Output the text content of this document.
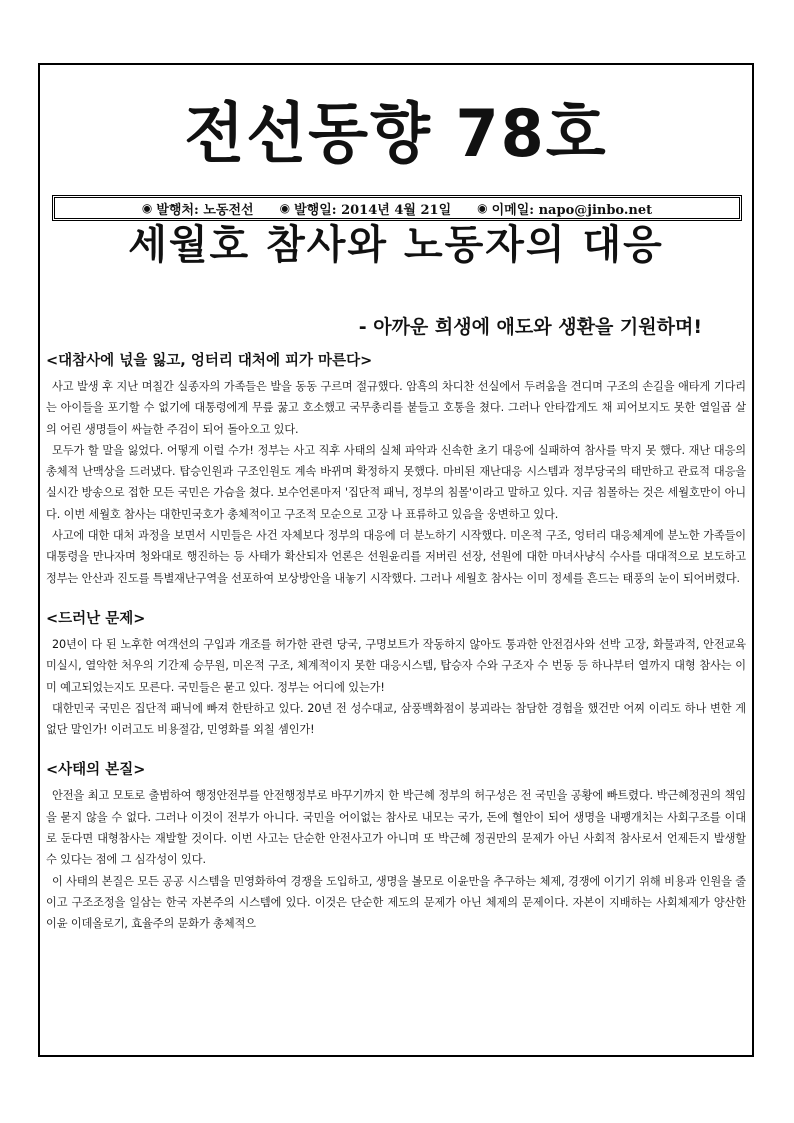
전선동향 78호
◉ 발행처: 노동전선 ◉ 발행일: 2014년 4월 21일 ◉ 이메일: napo@jinbo.net
세월호 참사와 노동자의 대응
- 아까운 희생에 애도와 생환을 기원하며!

<대참사에 넋을 잃고, 엉터리 대처에 피가 마른다>

사고 발생 후 지난 며칠간 실종자의 가족들은 발을 동동 구르며 절규했다. 암흑의 차디찬 선실에서 두려움을 견디며 구조의 손길을 애타게 기다리는 아이들을 포기할 수 없기에 대통령에게 무릎 꿇고 호소했고 국무총리를 붙들고 호통을 쳤다. 그러나 안타깝게도 채 피어보지도 못한 열일곱 살의 어린 생명들이 싸늘한 주검이 되어 돌아오고 있다.

모두가 할 말을 잃었다. 어떻게 이럴 수가! 정부는 사고 직후 사태의 실체 파악과 신속한 초기 대응에 실패하여 참사를 막지 못 했다. 재난 대응의 총체적 난맥상을 드러냈다. 탑승인원과 구조인원도 계속 바뀌며 확정하지 못했다. 마비된 재난대응 시스템과 정부당국의 태만하고 관료적 대응을 실시간 방송으로 접한 모든 국민은 가슴을 쳤다. 보수언론마저 '집단적 패닉, 정부의 침몰'이라고 말하고 있다. 지금 침몰하는 것은 세월호만이 아니다. 이번 세월호 참사는 대한민국호가 총체적이고 구조적 모순으로 고장 나 표류하고 있음을 웅변하고 있다.

사고에 대한 대처 과정을 보면서 시민들은 사건 자체보다 정부의 대응에 더 분노하기 시작했다. 미온적 구조, 엉터리 대응체계에 분노한 가족들이 대통령을 만나자며 청와대로 행진하는 등 사태가 확산되자 언론은 선원윤리를 저버린 선장, 선원에 대한 마녀사냥식 수사를 대대적으로 보도하고 정부는 안산과 진도를 특별재난구역을 선포하여 보상방안을 내놓기 시작했다. 그러나 세월호 참사는 이미 정세를 흔드는 태풍의 눈이 되어버렸다.

<드러난 문제>

20년이 다 된 노후한 여객선의 구입과 개조를 허가한 관련 당국, 구명보트가 작동하지 않아도 통과한 안전검사와 선박 고장, 화물과적, 안전교육 미실시, 열악한 처우의 기간제 승무원, 미온적 구조, 체계적이지 못한 대응시스템, 탑승자 수와 구조자 수 번동 등 하나부터 열까지 대형 참사는 이미 예고되었는지도 모른다. 국민들은 묻고 있다. 정부는 어디에 있는가!

대한민국 국민은 집단적 패닉에 빠져 한탄하고 있다. 20년 전 성수대교, 삼풍백화점이 붕괴라는 참담한 경험을 했건만 어찌 이리도 하나 변한 게 없단 말인가! 이러고도 비용절감, 민영화를 외칠 셈인가!

<사태의 본질>

안전을 최고 모토로 출범하여 행정안전부를 안전행정부로 바꾸기까지 한 박근혜 정부의 허구성은 전 국민을 공황에 빠트렸다. 박근혜정권의 책임을 묻지 않을 수 없다. 그러나 이것이 전부가 아니다. 국민을 어이없는 참사로 내모는 국가, 돈에 혈안이 되어 생명을 내팽개치는 사회구조를 이대로 둔다면 대형참사는 재발할 것이다. 이번 사고는 단순한 안전사고가 아니며 또 박근혜 정권만의 문제가 아닌 사회적 참사로서 언제든지 발생할 수 있다는 점에 그 심각성이 있다.

이 사태의 본질은 모든 공공 시스템을 민영화하여 경쟁을 도입하고, 생명을 볼모로 이윤만을 추구하는 체제, 경쟁에 이기기 위해 비용과 인원을 줄이고 구조조정을 일삼는 한국 자본주의 시스템에 있다. 이것은 단순한 제도의 문제가 아닌 체제의 문제이다. 자본이 지배하는 사회체제가 양산한 이윤 이데올로기, 효율주의 문화가 총체적으
